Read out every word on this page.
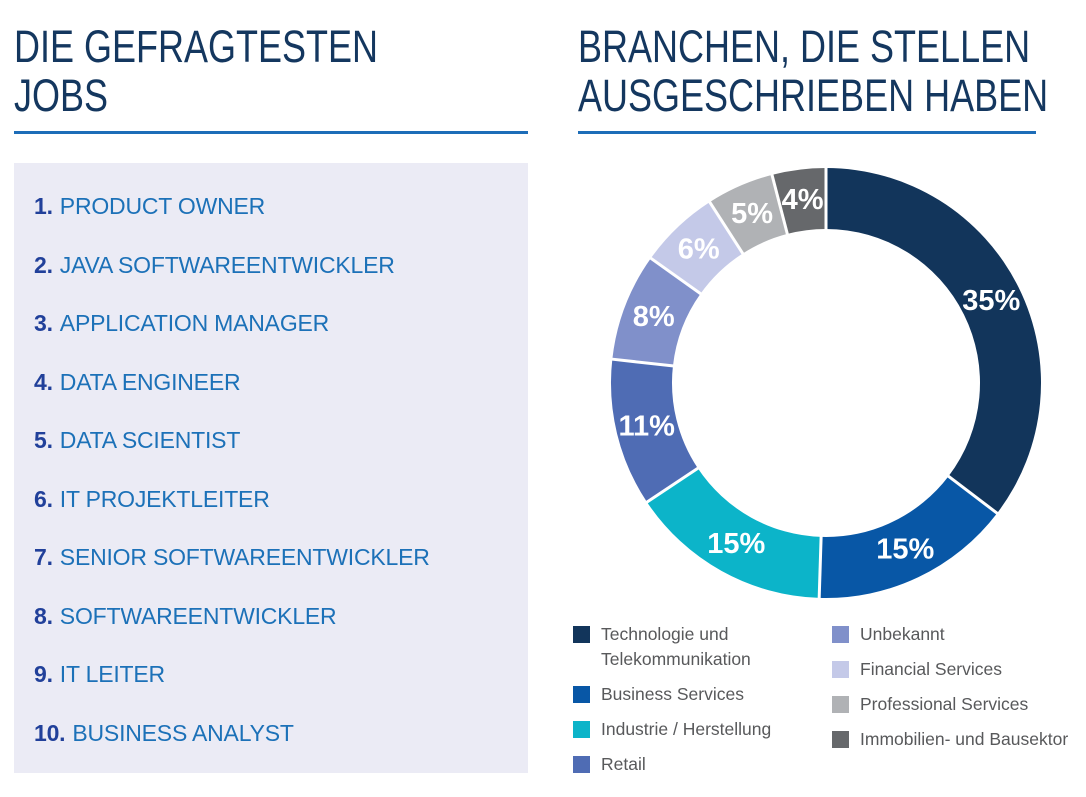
DIE GEFRAGTESTEN
JOBS
BRANCHEN, DIE STELLEN
AUSGESCHRIEBEN HABEN
1. PRODUCT OWNER
2. JAVA SOFTWAREENTWICKLER
3. APPLICATION MANAGER
4. DATA ENGINEER
5. DATA SCIENTIST
6. IT PROJEKTLEITER
7. SENIOR SOFTWAREENTWICKLER
8. SOFTWAREENTWICKLER
9. IT LEITER
10. BUSINESS ANALYST
35%
15%
15%
11%
8%
6%
5% 4%
Technologie und Telekommunikation
Business Services
Industrie / Herstellung
Retail
Unbekannt
Financial Services
Professional Services
Immobilien- und Bausektor
